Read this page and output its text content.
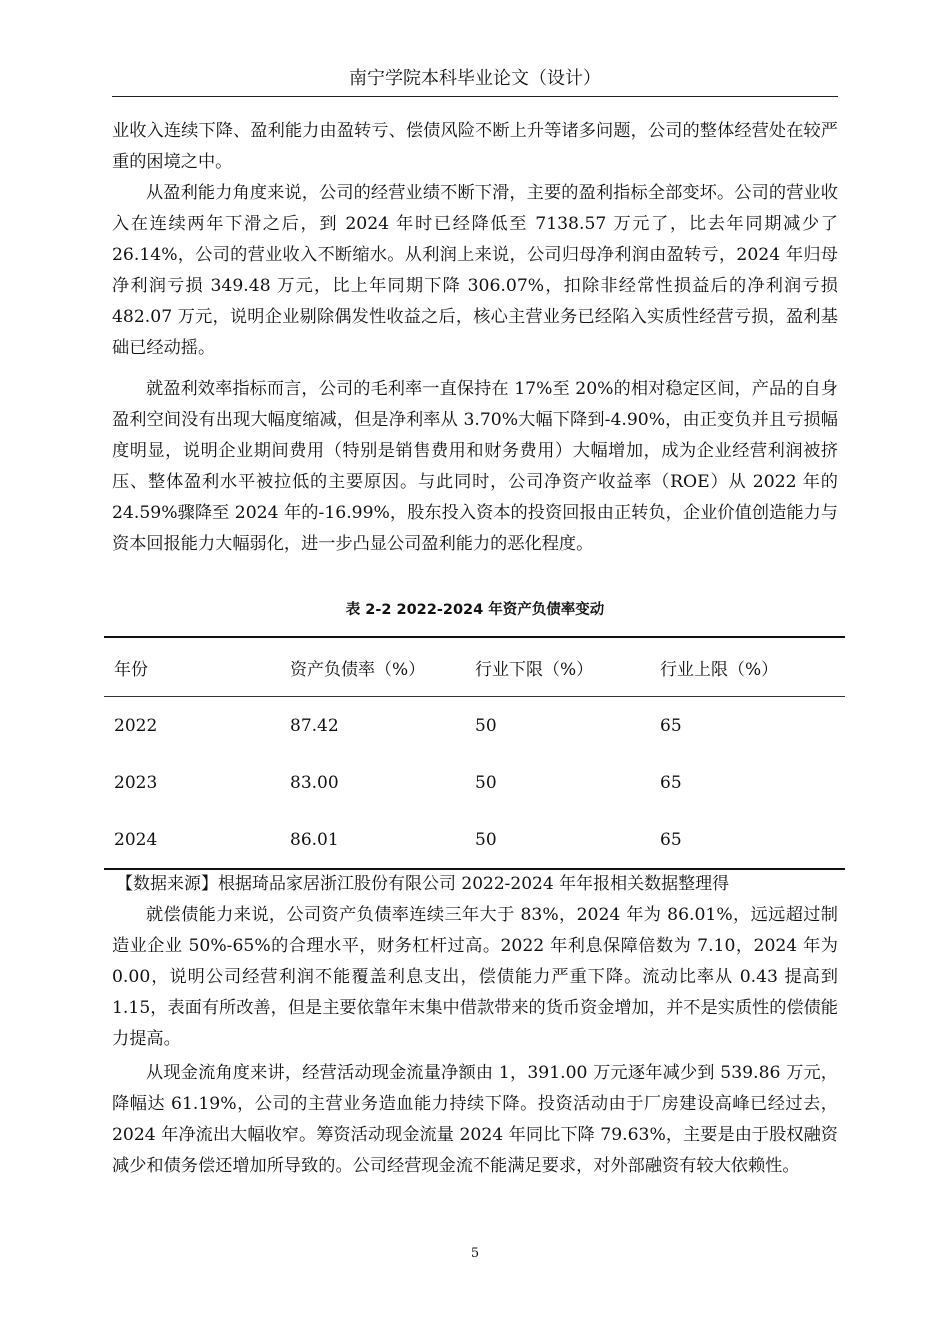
南宁学院本科毕业论文（设计）

业收入连续下降、盈利能力由盈转亏、偿债风险不断上升等诸多问题，公司的整体经营处在较严重的困境之中。

从盈利能力角度来说，公司的经营业绩不断下滑，主要的盈利指标全部变坏。公司的营业收入在连续两年下滑之后，到 2024 年时已经降低至 7138.57 万元了，比去年同期减少了 26.14%，公司的营业收入不断缩水。从利润上来说，公司归母净利润由盈转亏，2024 年归母净利润亏损 349.48 万元，比上年同期下降 306.07%，扣除非经常性损益后的净利润亏损 482.07 万元，说明企业剔除偶发性收益之后，核心主营业务已经陷入实质性经营亏损，盈利基础已经动摇。

就盈利效率指标而言，公司的毛利率一直保持在 17%至 20%的相对稳定区间，产品的自身盈利空间没有出现大幅度缩减，但是净利率从 3.70%大幅下降到-4.90%，由正变负并且亏损幅度明显，说明企业期间费用（特别是销售费用和财务费用）大幅增加，成为企业经营利润被挤压、整体盈利水平被拉低的主要原因。与此同时，公司净资产收益率（ROE）从 2022 年的 24.59%骤降至 2024 年的-16.99%，股东投入资本的投资回报由正转负，企业价值创造能力与资本回报能力大幅弱化，进一步凸显公司盈利能力的恶化程度。

表 2-2 2022-2024 年资产负债率变动
年份	资产负债率（%）	行业下限（%）	行业上限（%）
2022	87.42	50	65
2023	83.00	50	65
2024	86.01	50	65
【数据来源】根据琦品家居浙江股份有限公司 2022-2024 年年报相关数据整理得

就偿债能力来说，公司资产负债率连续三年大于 83%，2024 年为 86.01%，远远超过制造业企业 50%-65%的合理水平，财务杠杆过高。2022 年利息保障倍数为 7.10，2024 年为 0.00，说明公司经营利润不能覆盖利息支出，偿债能力严重下降。流动比率从 0.43 提高到 1.15，表面有所改善，但是主要依靠年末集中借款带来的货币资金增加，并不是实质性的偿债能力提高。

从现金流角度来讲，经营活动现金流量净额由 1，391.00 万元逐年减少到 539.86 万元，降幅达 61.19%，公司的主营业务造血能力持续下降。投资活动由于厂房建设高峰已经过去，2024 年净流出大幅收窄。筹资活动现金流量 2024 年同比下降 79.63%，主要是由于股权融资减少和债务偿还增加所导致的。公司经营现金流不能满足要求，对外部融资有较大依赖性。

5
